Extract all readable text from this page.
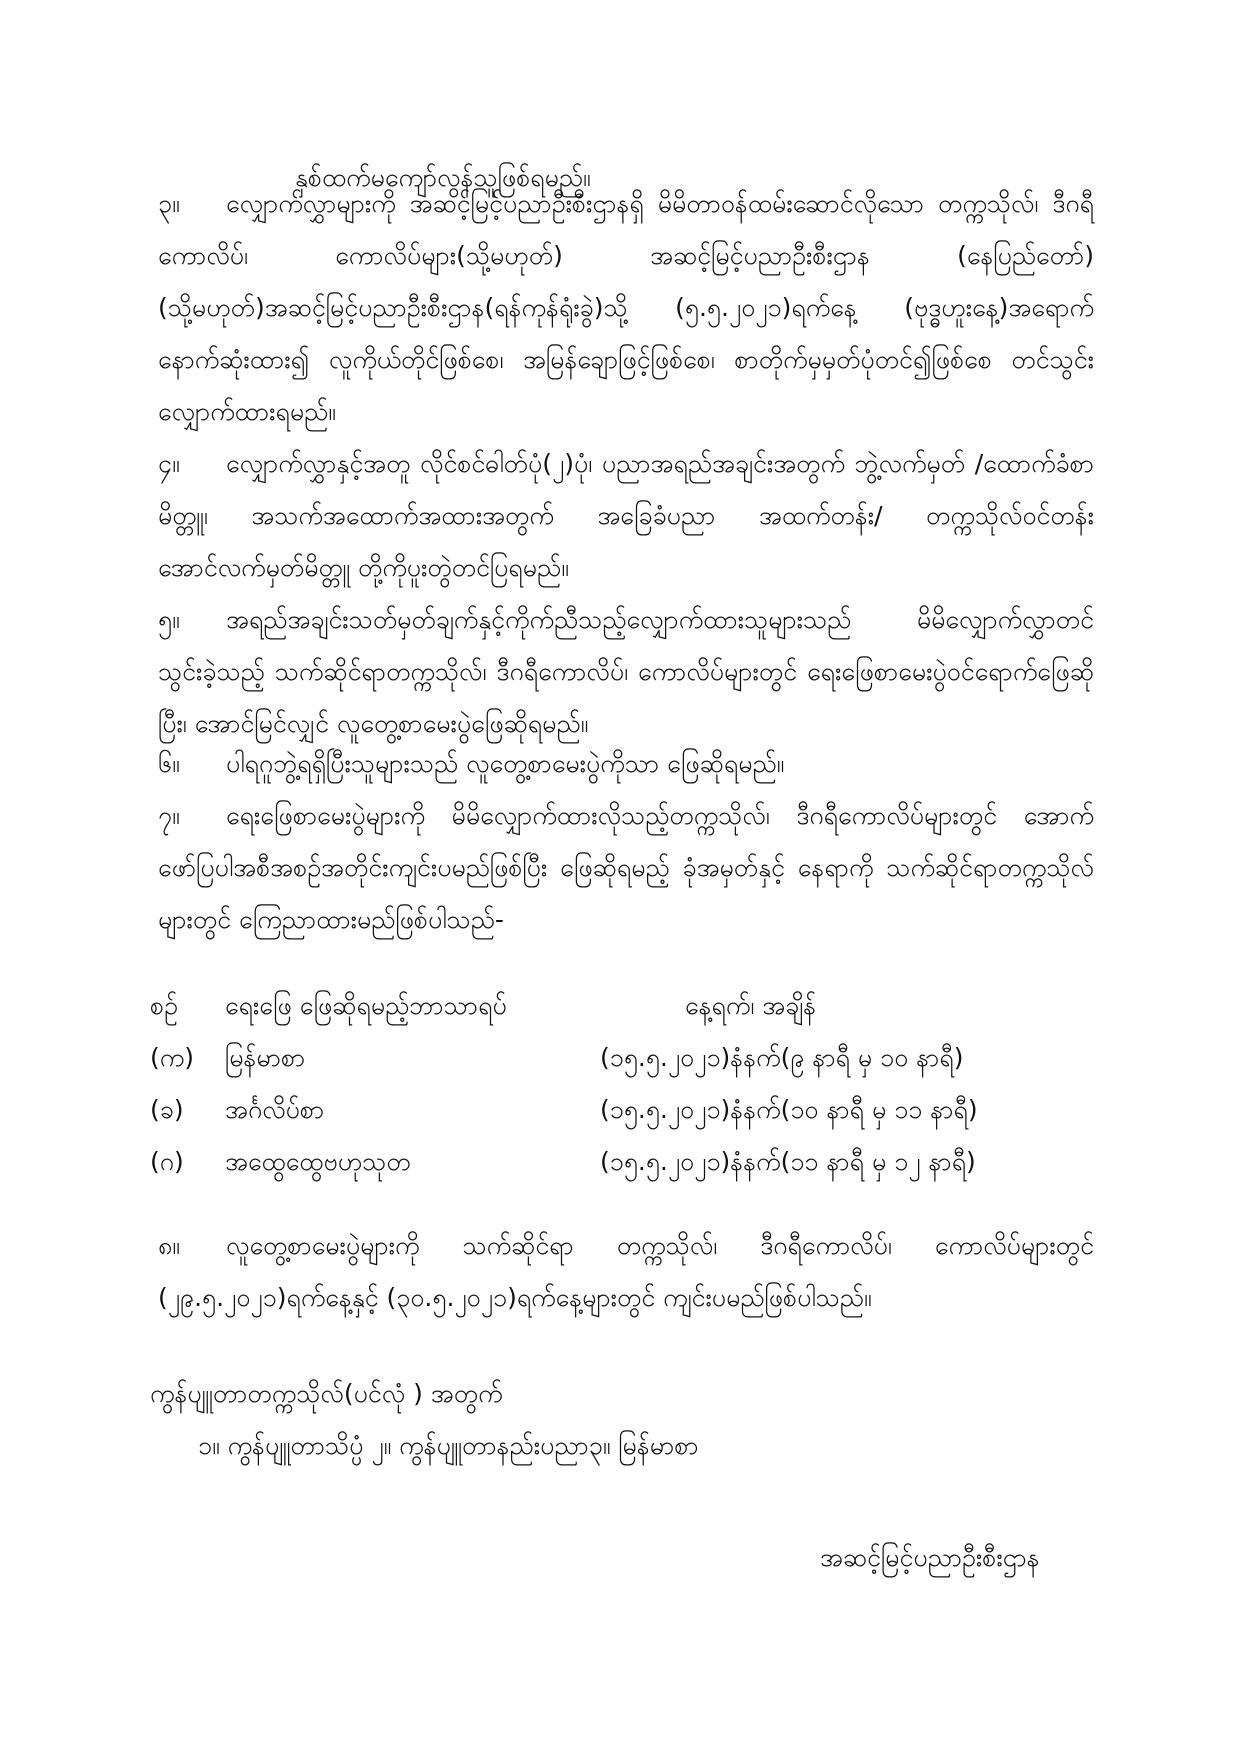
နှစ်ထက်မကျော်လွန်သူဖြစ်ရမည်။
၃။ လျှောက်လွှာများကို အဆင့်မြင့်ပညာဦးစီးဌာနရှိ မိမိတာဝန်ထမ်းဆောင်လိုသော တက္ကသိုလ်၊ ဒီဂရီကောလိပ်၊ ကောလိပ်များ(သို့မဟုတ်) အဆင့်မြင့်ပညာဦးစီးဌာန (နေပြည်တော်)(သို့မဟုတ်)အဆင့်မြင့်ပညာဦးစီးဌာန(ရန်ကုန်ရုံးခွဲ)သို့ (၅.၅.၂၀၂၁)ရက်နေ့ (ဗုဒ္ဓဟူးနေ့)အရောက်နောက်ဆုံးထား၍ လူကိုယ်တိုင်ဖြစ်စေ၊ အမြန်ချောဖြင့်ဖြစ်စေ၊ စာတိုက်မှမှတ်ပုံတင်၍ဖြစ်စေ တင်သွင်းလျှောက်ထားရမည်။
၄။ လျှောက်လွှာနှင့်အတူ လိုင်စင်ဓါတ်ပုံ(၂)ပုံ၊ ပညာအရည်အချင်းအတွက် ဘွဲ့လက်မှတ် /ထောက်ခံစာမိတ္တူ၊ အသက်အထောက်အထားအတွက် အခြေခံပညာ အထက်တန်း/ တက္ကသိုလ်ဝင်တန်းအောင်လက်မှတ်မိတ္တူ တို့ကိုပူးတွဲတင်ပြရမည်။
၅။ အရည်အချင်းသတ်မှတ်ချက်နှင့်ကိုက်ညီသည့်လျှောက်ထားသူများသည် မိမိလျှောက်လွှာတင်သွင်းခဲ့သည့် သက်ဆိုင်ရာတက္ကသိုလ်၊ ဒီဂရီကောလိပ်၊ ကောလိပ်များတွင် ရေးဖြေစာမေးပွဲဝင်ရောက်ဖြေဆိုပြီး၊ အောင်မြင်လျှင် လူတွေ့စာမေးပွဲဖြေဆိုရမည်။
၆။ ပါရဂူဘွဲ့ရရှိပြီးသူများသည် လူတွေ့စာမေးပွဲကိုသာ ဖြေဆိုရမည်။
၇။ ရေးဖြေစာမေးပွဲများကို မိမိလျှောက်ထားလိုသည့်တက္ကသိုလ်၊ ဒီဂရီကောလိပ်များတွင် အောက်ဖော်ပြပါအစီအစဉ်အတိုင်းကျင်းပမည်ဖြစ်ပြီး ဖြေဆိုရမည့် ခုံအမှတ်နှင့် နေရာကို သက်ဆိုင်ရာတက္ကသိုလ်များတွင် ကြေညာထားမည်ဖြစ်ပါသည်-
စဉ် ရေးဖြေ ဖြေဆိုရမည့်ဘာသာရပ်	နေ့ရက်၊ အချိန်
(က) မြန်မာစာ	(၁၅.၅.၂၀၂၁)နံနက်(၉ နာရီ မှ ၁၀ နာရီ)
(ခ) အင်္ဂလိပ်စာ	(၁၅.၅.၂၀၂၁)နံနက်(၁၀ နာရီ မှ ၁၁ နာရီ)
(ဂ) အထွေထွေဗဟုသုတ	(၁၅.၅.၂၀၂၁)နံနက်(၁၁ နာရီ မှ ၁၂ နာရီ)
၈။ လူတွေ့စာမေးပွဲများကို သက်ဆိုင်ရာ တက္ကသိုလ်၊ ဒီဂရီကောလိပ်၊ ကောလိပ်များတွင် (၂၉.၅.၂၀၂၁)ရက်နေ့နှင့် (၃၀.၅.၂၀၂၁)ရက်နေ့များတွင် ကျင်းပမည်ဖြစ်ပါသည်။
ကွန်ပျူတာတက္ကသိုလ်(ပင်လုံ ) အတွက်
၁။ ကွန်ပျူတာသိပ္ပံ ၂။ ကွန်ပျူတာနည်းပညာ၃။ မြန်မာစာ
အဆင့်မြင့်ပညာဦးစီးဌာန
